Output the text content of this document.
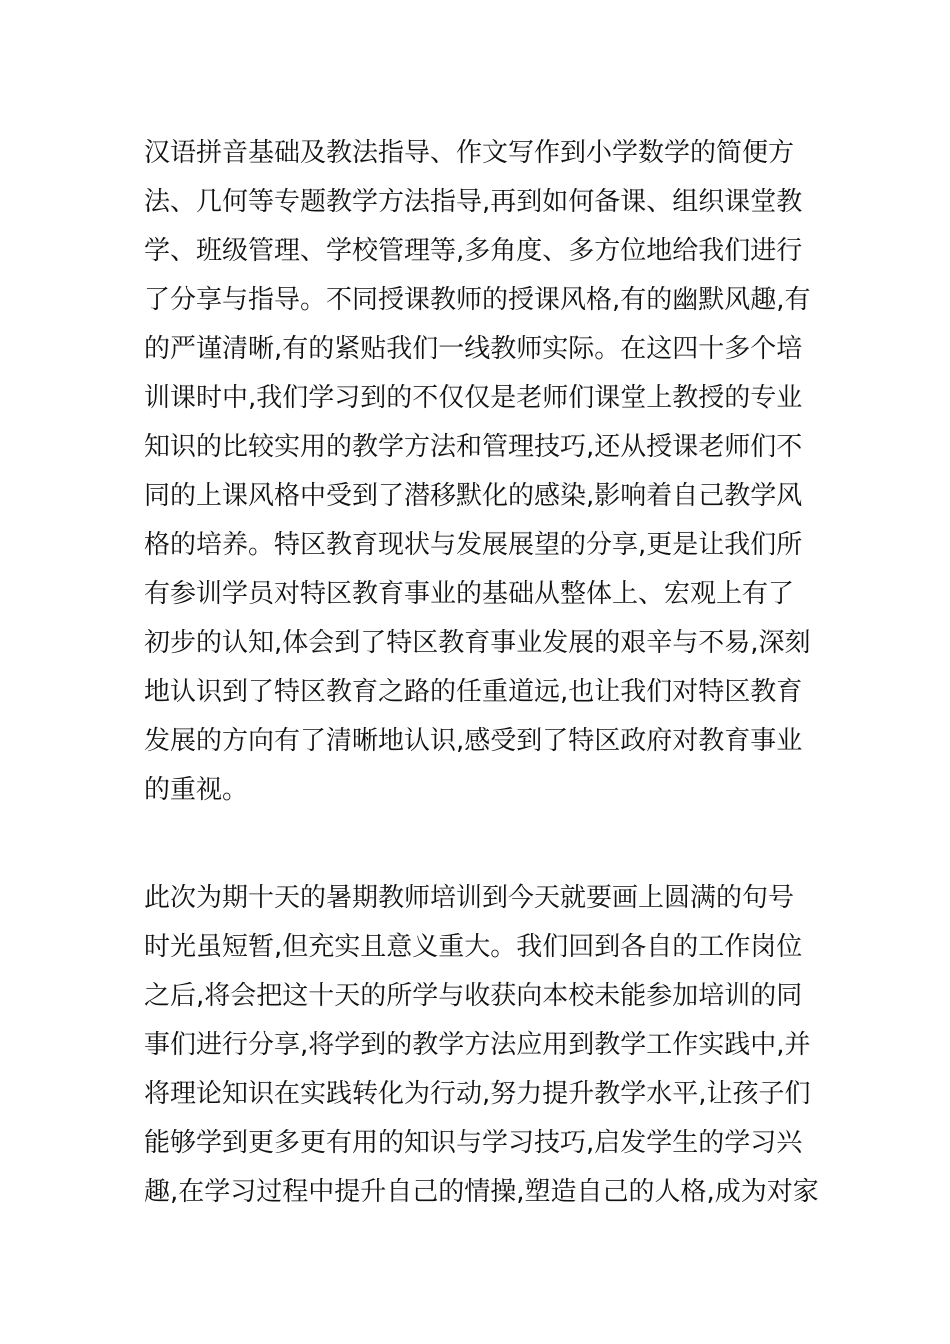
汉语拼音基础及教法指导、作文写作到小学数学的简便方
法、几何等专题教学方法指导,再到如何备课、组织课堂教
学、班级管理、学校管理等,多角度、多方位地给我们进行
了分享与指导。不同授课教师的授课风格,有的幽默风趣,有
的严谨清晰,有的紧贴我们一线教师实际。在这四十多个培
训课时中,我们学习到的不仅仅是老师们课堂上教授的专业
知识的比较实用的教学方法和管理技巧,还从授课老师们不
同的上课风格中受到了潜移默化的感染,影响着自己教学风
格的培养。特区教育现状与发展展望的分享,更是让我们所
有参训学员对特区教育事业的基础从整体上、宏观上有了
初步的认知,体会到了特区教育事业发展的艰辛与不易,深刻
地认识到了特区教育之路的任重道远,也让我们对特区教育
发展的方向有了清晰地认识,感受到了特区政府对教育事业
的重视。
此次为期十天的暑期教师培训到今天就要画上圆满的句号
时光虽短暂,但充实且意义重大。我们回到各自的工作岗位
之后,将会把这十天的所学与收获向本校未能参加培训的同
事们进行分享,将学到的教学方法应用到教学工作实践中,并
将理论知识在实践转化为行动,努力提升教学水平,让孩子们
能够学到更多更有用的知识与学习技巧,启发学生的学习兴
趣,在学习过程中提升自己的情操,塑造自己的人格,成为对家
